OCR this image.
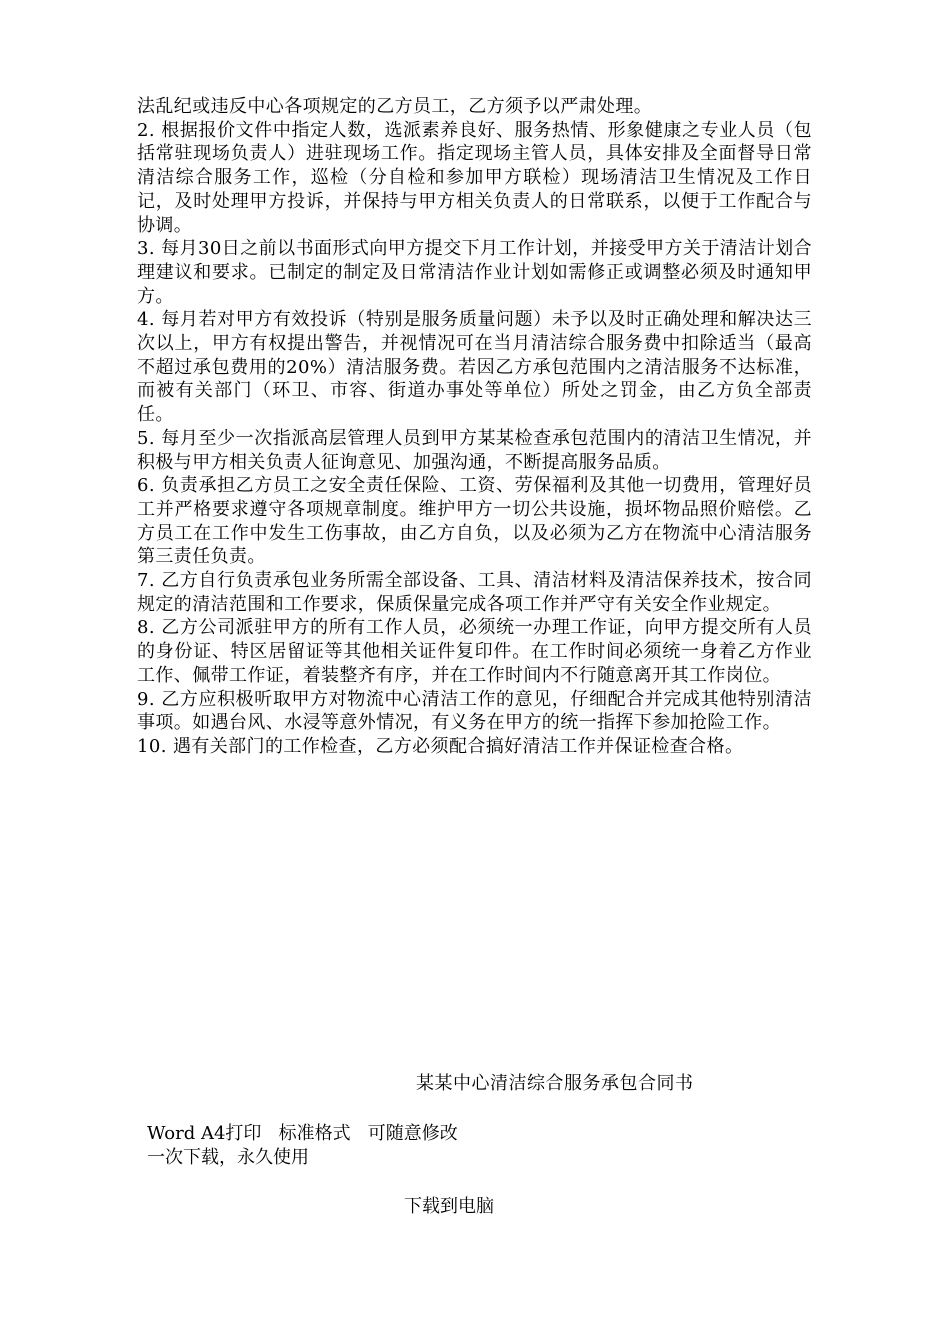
法乱纪或违反中心各项规定的乙方员工，乙方须予以严肃处理。

2. 根据报价文件中指定人数，选派素养良好、服务热情、形象健康之专业人员（包括常驻现场负责人）进驻现场工作。指定现场主管人员，具体安排及全面督导日常清洁综合服务工作，巡检（分自检和参加甲方联检）现场清洁卫生情况及工作日记，及时处理甲方投诉，并保持与甲方相关负责人的日常联系，以便于工作配合与协调。

3. 每月30日之前以书面形式向甲方提交下月工作计划，并接受甲方关于清洁计划合理建议和要求。已制定的制定及日常清洁作业计划如需修正或调整必须及时通知甲方。

4. 每月若对甲方有效投诉（特别是服务质量问题）未予以及时正确处理和解决达三次以上，甲方有权提出警告，并视情况可在当月清洁综合服务费中扣除适当（最高不超过承包费用的20%）清洁服务费。若因乙方承包范围内之清洁服务不达标准，而被有关部门（环卫、市容、街道办事处等单位）所处之罚金，由乙方负全部责任。

5. 每月至少一次指派高层管理人员到甲方某某检查承包范围内的清洁卫生情况，并积极与甲方相关负责人征询意见、加强沟通，不断提高服务品质。

6. 负责承担乙方员工之安全责任保险、工资、劳保福利及其他一切费用，管理好员工并严格要求遵守各项规章制度。维护甲方一切公共设施，损坏物品照价赔偿。乙方员工在工作中发生工伤事故，由乙方自负，以及必须为乙方在物流中心清洁服务第三责任负责。

7. 乙方自行负责承包业务所需全部设备、工具、清洁材料及清洁保养技术，按合同规定的清洁范围和工作要求，保质保量完成各项工作并严守有关安全作业规定。

8. 乙方公司派驻甲方的所有工作人员，必须统一办理工作证，向甲方提交所有人员的身份证、特区居留证等其他相关证件复印件。在工作时间必须统一身着乙方作业工作、佩带工作证，着装整齐有序，并在工作时间内不行随意离开其工作岗位。

9. 乙方应积极听取甲方对物流中心清洁工作的意见，仔细配合并完成其他特别清洁事项。如遇台风、水浸等意外情况，有义务在甲方的统一指挥下参加抢险工作。

10. 遇有关部门的工作检查，乙方必须配合搞好清洁工作并保证检查合格。

某某中心清洁综合服务承包合同书
Word A4打印   标准格式   可随意修改
一次下载，永久使用
下载到电脑
